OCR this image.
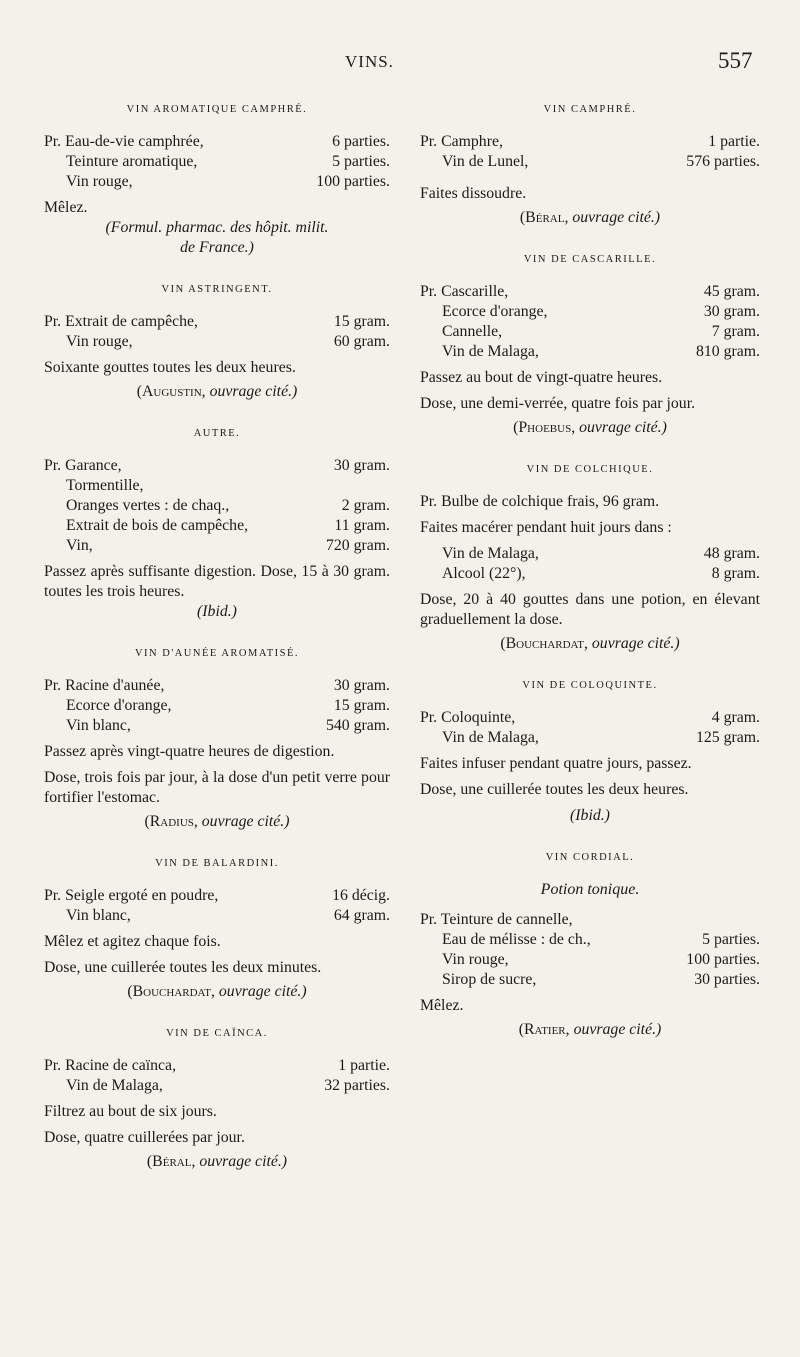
VINS.	557
VIN AROMATIQUE CAMPHRÉ.
Pr. Eau-de-vie camphrée,	6 parties.
Teinture aromatique,	5 parties.
Vin rouge,	100 parties.
Mêlez.
(Formul. pharmac. des hôpit. milit.
de France.)
VIN ASTRINGENT.
Pr. Extrait de campêche,	15 gram.
Vin rouge,	60 gram.
Soixante gouttes toutes les deux heures.
(Augustin, ouvrage cité.)
AUTRE.
Pr. Garance,	30 gram.
Tormentille,
Oranges vertes : de chaq.,	2 gram.
Extrait de bois de campêche,	11 gram.
Vin,	720 gram.
Passez après suffisante digestion. Dose, 15 à 30 gram. toutes les trois heures.
(Ibid.)
VIN D'AUNÉE AROMATISÉ.
Pr. Racine d'aunée,	30 gram.
Ecorce d'orange,	15 gram.
Vin blanc,	540 gram.
Passez après vingt-quatre heures de digestion.
Dose, trois fois par jour, à la dose d'un petit verre pour fortifier l'estomac.
(Radius, ouvrage cité.)
VIN DE BALARDINI.
Pr. Seigle ergoté en poudre,	16 décig.
Vin blanc,	64 gram.
Mêlez et agitez chaque fois.
Dose, une cuillerée toutes les deux minutes.
(Bouchardat, ouvrage cité.)
VIN DE CAÏNCA.
Pr. Racine de caïnca,	1 partie.
Vin de Malaga,	32 parties.
Filtrez au bout de six jours.
Dose, quatre cuillerées par jour.
(Béral, ouvrage cité.)
VIN CAMPHRÉ.
Pr. Camphre,	1 partie.
Vin de Lunel,	576 parties.
Faites dissoudre.
(Béral, ouvrage cité.)
VIN DE CASCARILLE.
Pr. Cascarille,	45 gram.
Ecorce d'orange,	30 gram.
Cannelle,	7 gram.
Vin de Malaga,	810 gram.
Passez au bout de vingt-quatre heures.
Dose, une demi-verrée, quatre fois par jour.
(Phoebus, ouvrage cité.)
VIN DE COLCHIQUE.
Pr. Bulbe de colchique frais, 96 gram.
Faites macérer pendant huit jours dans :
Vin de Malaga,	48 gram.
Alcool (22°),	8 gram.
Dose, 20 à 40 gouttes dans une potion, en élevant graduellement la dose.
(Bouchardat, ouvrage cité.)
VIN DE COLOQUINTE.
Pr. Coloquinte,	4 gram.
Vin de Malaga,	125 gram.
Faites infuser pendant quatre jours, passez.
Dose, une cuillerée toutes les deux heures.
(Ibid.)
VIN CORDIAL.
Potion tonique.
Pr. Teinture de cannelle,
Eau de mélisse : de ch.,	5 parties.
Vin rouge,	100 parties.
Sirop de sucre,	30 parties.
Mêlez.
(Ratier, ouvrage cité.)
